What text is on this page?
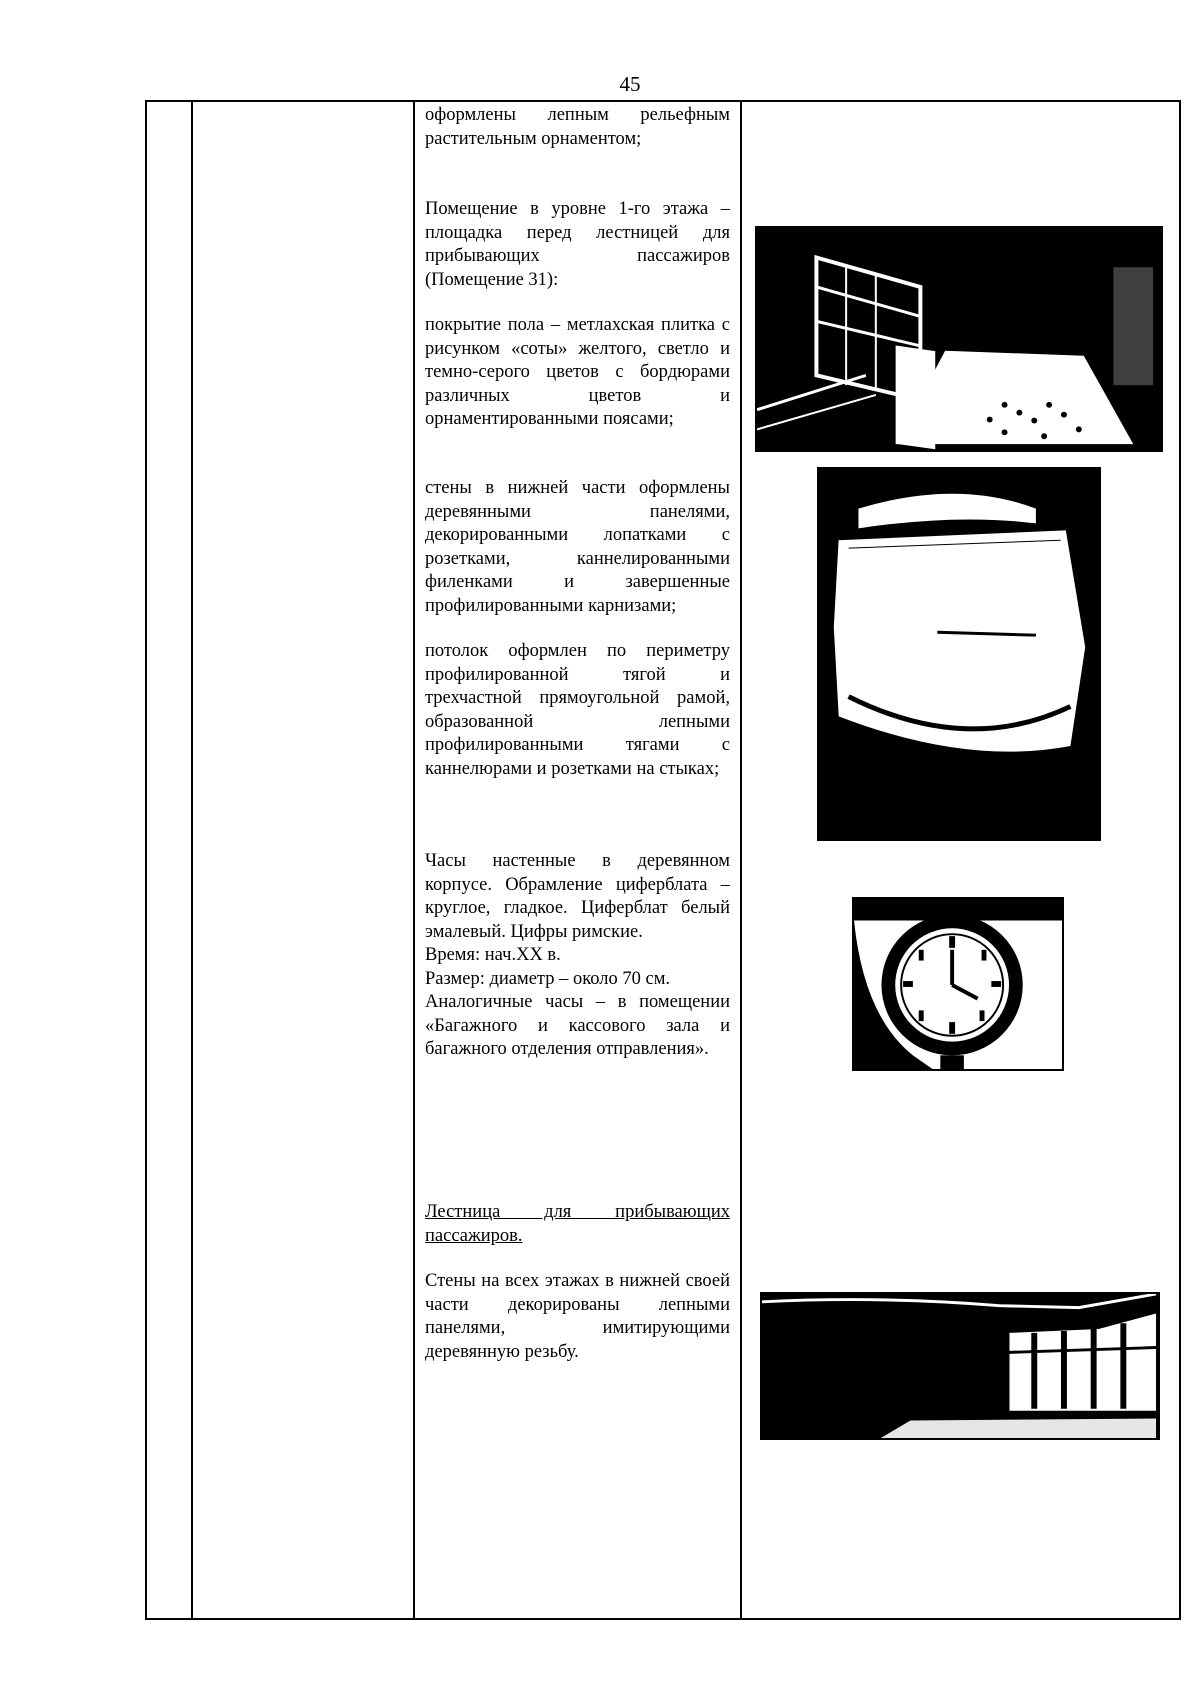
45

оформлены лепным рельефным растительным орнаментом;

Помещение в уровне 1-го этажа – площадка перед лестницей для прибывающих пассажиров (Помещение 31):

покрытие пола – метлахская плитка с рисунком «соты» желтого, светло и темно-серого цветов с бордюрами различных цветов и орнаментированными поясами;

стены в нижней части оформлены деревянными панелями, декорированными лопатками с розетками, каннелированными филенками и завершенные профилированными карнизами;

потолок оформлен по периметру профилированной тягой и трехчастной прямоугольной рамой, образованной лепными профилированными тягами с каннелюрами и розетками на стыках;

Часы настенные в деревянном корпусе. Обрамление циферблата – круглое, гладкое. Циферблат белый эмалевый. Цифры римские.

Время: нач.XX в.

Размер: диаметр – около 70 см.

Аналогичные часы – в помещении «Багажного и кассового зала и багажного отделения отправления».

Лестница для прибывающих пассажиров.

Стены на всех этажах в нижней своей части декорированы лепными панелями, имитирующими деревянную резьбу.
